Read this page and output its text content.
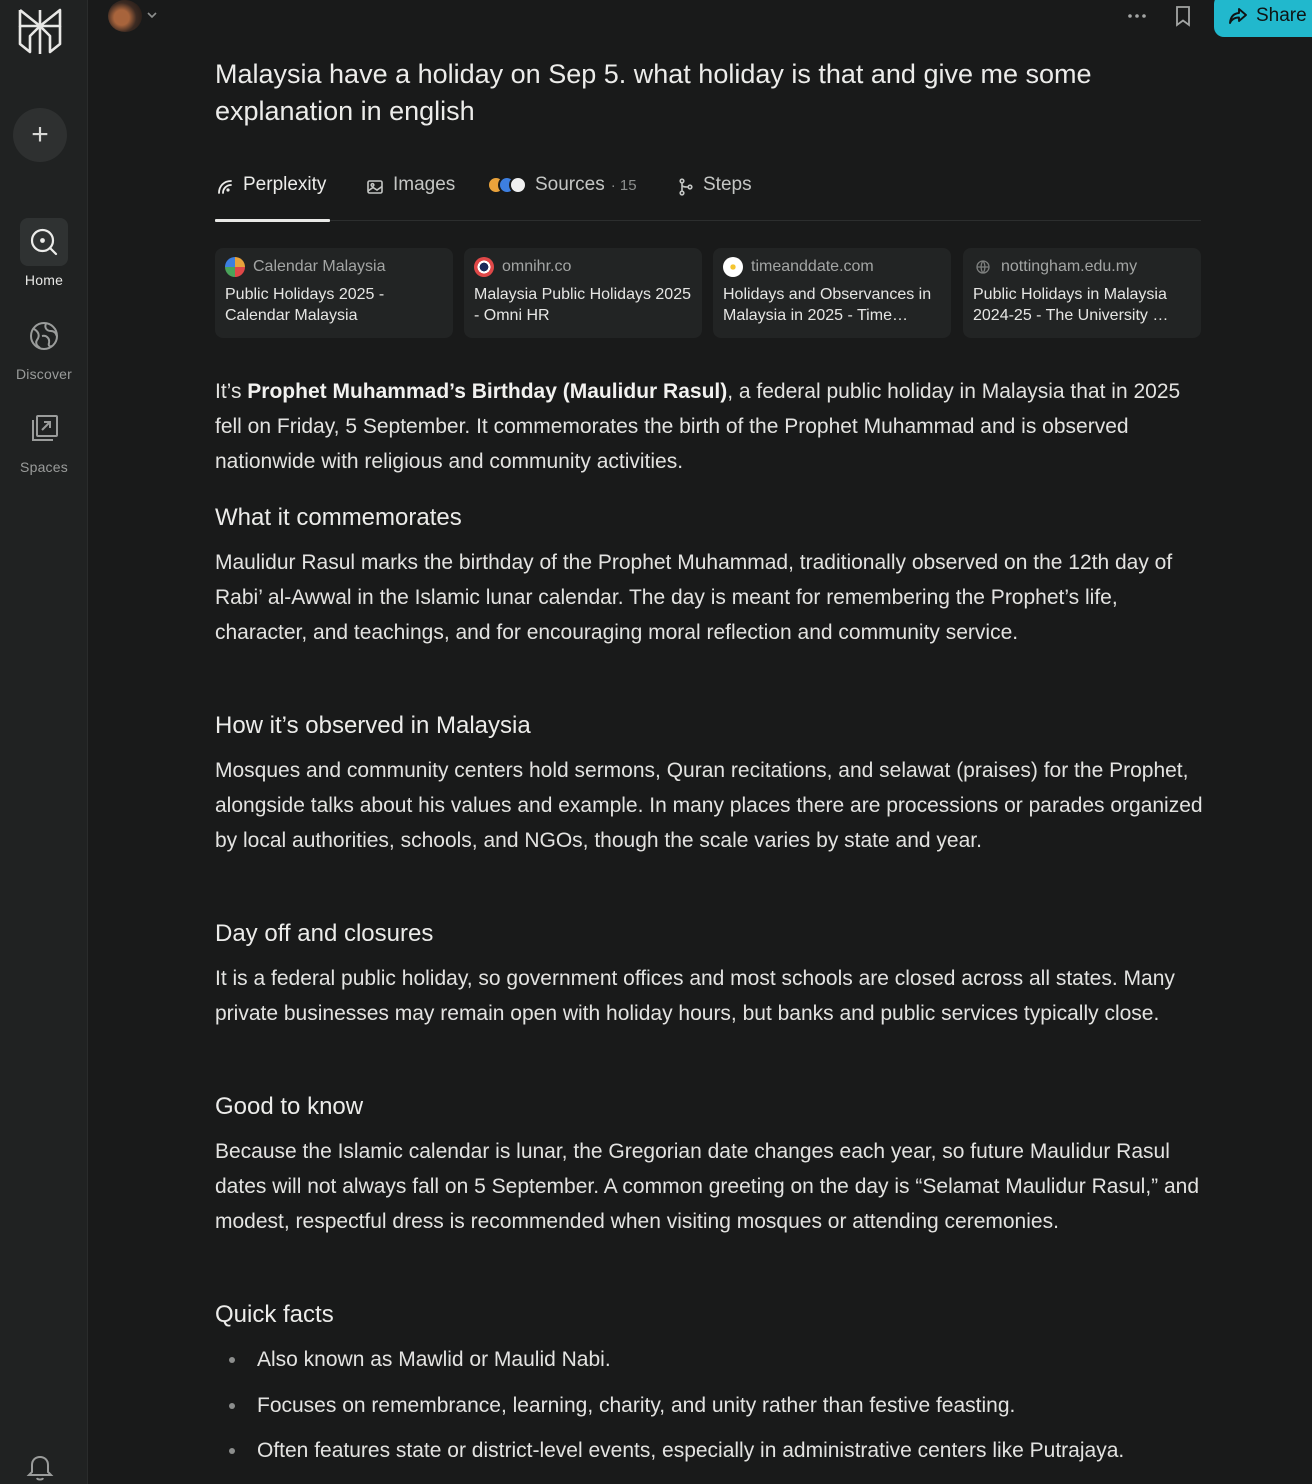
+
Home
Discover
Spaces
Share
Malaysia have a holiday on Sep 5. what holiday is that and give me some explanation in english
Perplexity	Images	Sources · 15	Steps
Calendar Malaysia
Public Holidays 2025 - Calendar Malaysia
omnihr.co
Malaysia Public Holidays 2025 - Omni HR
timeanddate.com
Holidays and Observances in Malaysia in 2025 - Time…
nottingham.edu.my
Public Holidays in Malaysia 2024-25 - The University …

It’s Prophet Muhammad’s Birthday (Maulidur Rasul), a federal public holiday in Malaysia that in 2025 fell on Friday, 5 September. It commemorates the birth of the Prophet Muhammad and is observed nationwide with religious and community activities.

What it commemorates

Maulidur Rasul marks the birthday of the Prophet Muhammad, traditionally observed on the 12th day of Rabi’ al-Awwal in the Islamic lunar calendar. The day is meant for remembering the Prophet’s life, character, and teachings, and for encouraging moral reflection and community service.

How it’s observed in Malaysia

Mosques and community centers hold sermons, Quran recitations, and selawat (praises) for the Prophet, alongside talks about his values and example. In many places there are processions or parades organized by local authorities, schools, and NGOs, though the scale varies by state and year.

Day off and closures

It is a federal public holiday, so government offices and most schools are closed across all states. Many private businesses may remain open with holiday hours, but banks and public services typically close.

Good to know

Because the Islamic calendar is lunar, the Gregorian date changes each year, so future Maulidur Rasul dates will not always fall on 5 September. A common greeting on the day is “Selamat Maulidur Rasul,” and modest, respectful dress is recommended when visiting mosques or attending ceremonies.

Quick facts
Also known as Mawlid or Maulid Nabi.
Focuses on remembrance, learning, charity, and unity rather than festive feasting.
Often features state or district-level events, especially in administrative centers like Putrajaya.
